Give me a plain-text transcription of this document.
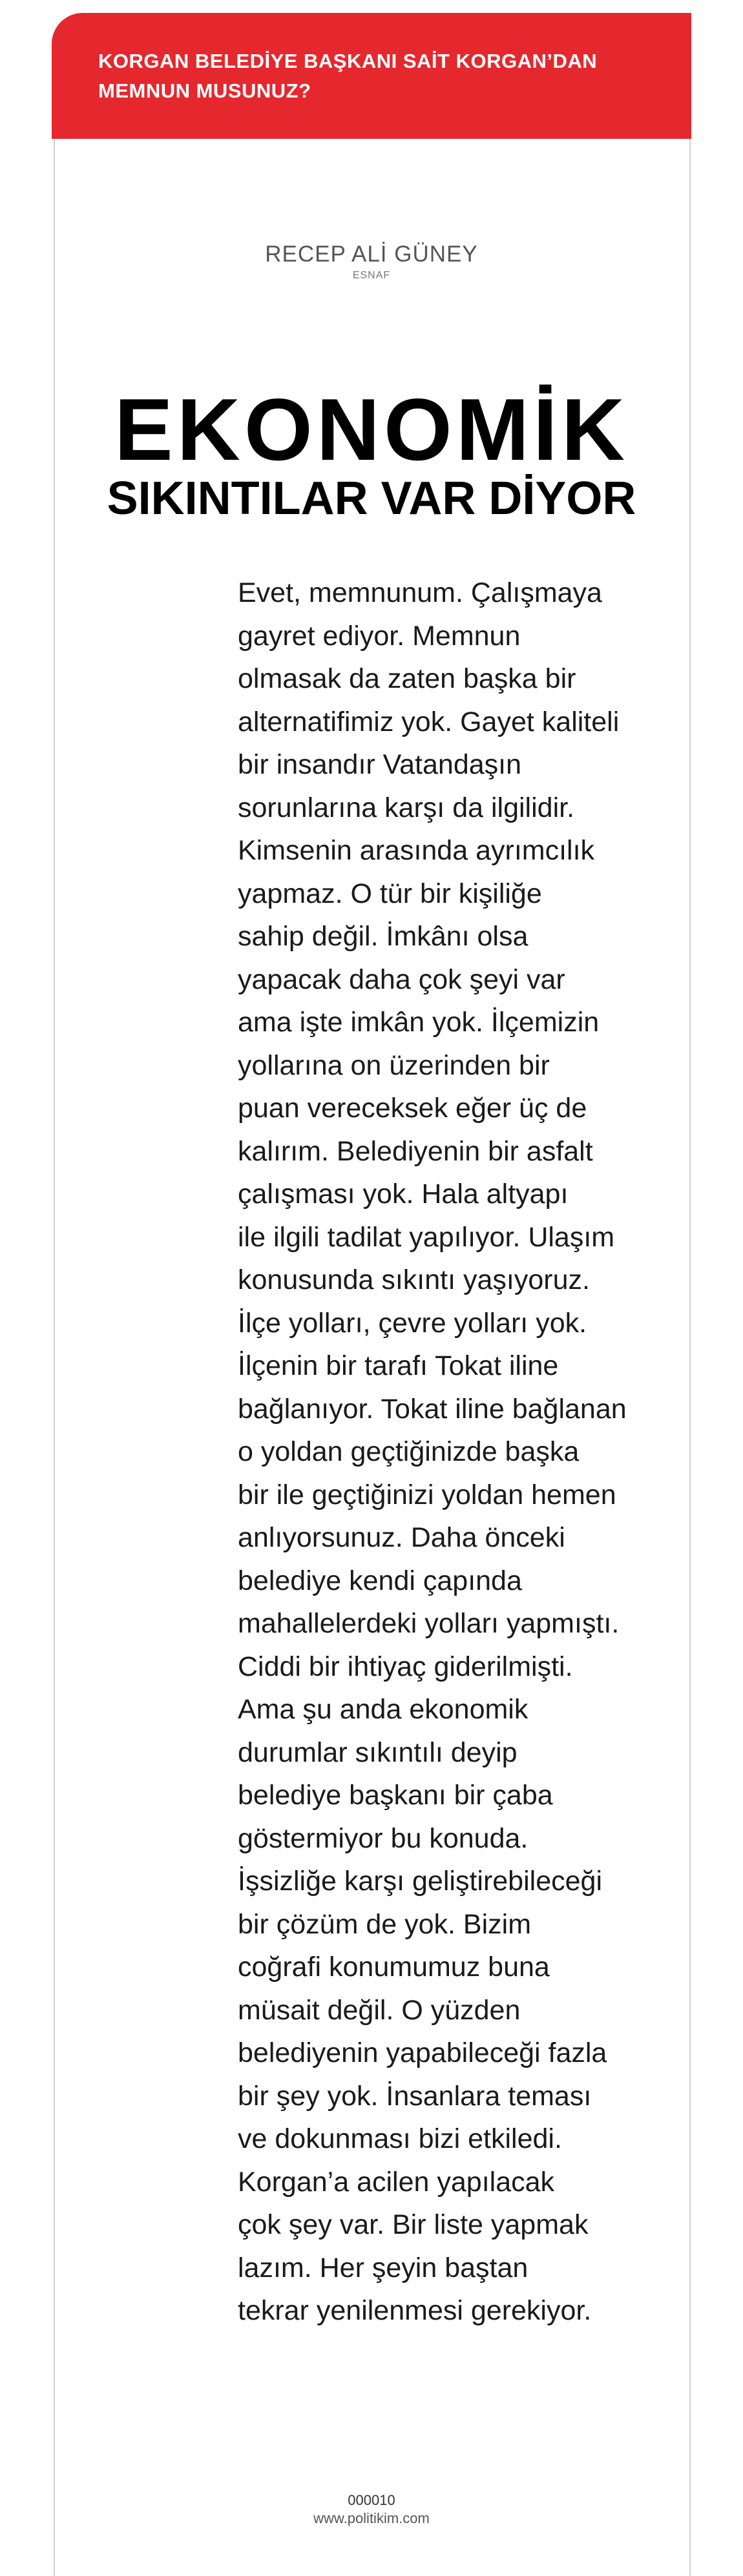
KORGAN BELEDİYE BAŞKANI SAİT KORGAN’DAN MEMNUN MUSUNUZ?

RECEP ALİ GÜNEY
ESNAF
EKONOMİK
SIKINTILAR VAR DİYOR
Evet, memnunum. Çalışmaya
gayret ediyor. Memnun
olmasak da zaten başka bir
alternatifimiz yok. Gayet kaliteli
bir insandır Vatandaşın
sorunlarına karşı da ilgilidir.
Kimsenin arasında ayrımcılık
yapmaz. O tür bir kişiliğe
sahip değil. İmkânı olsa
yapacak daha çok şeyi var
ama işte imkân yok. İlçemizin
yollarına on üzerinden bir
puan vereceksek eğer üç de
kalırım. Belediyenin bir asfalt
çalışması yok. Hala altyapı
ile ilgili tadilat yapılıyor. Ulaşım
konusunda sıkıntı yaşıyoruz.
İlçe yolları, çevre yolları yok.
İlçenin bir tarafı Tokat iline
bağlanıyor. Tokat iline bağlanan
o yoldan geçtiğinizde başka
bir ile geçtiğinizi yoldan hemen
anlıyorsunuz. Daha önceki
belediye kendi çapında
mahallelerdeki yolları yapmıştı.
Ciddi bir ihtiyaç giderilmişti.
Ama şu anda ekonomik
durumlar sıkıntılı deyip
belediye başkanı bir çaba
göstermiyor bu konuda.
İşsizliğe karşı geliştirebileceği
bir çözüm de yok. Bizim
coğrafi konumumuz buna
müsait değil. O yüzden
belediyenin yapabileceği fazla
bir şey yok. İnsanlara teması
ve dokunması bizi etkiledi.
Korgan’a acilen yapılacak
çok şey var. Bir liste yapmak
lazım. Her şeyin baştan
tekrar yenilenmesi gerekiyor.
000010
www.politikim.com
